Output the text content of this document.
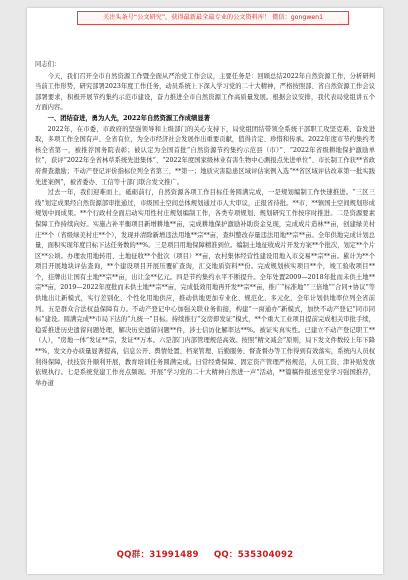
关注头条号“公文研究”，获得最新最全最专业的公文资料库！ 微信：gongwen1

同志们：

今天，我们召开全市自然资源工作暨全面从严治党工作会议，主要任务是：回顾总结2022年自然资源工作，分析研判当前工作形势，研究部署2023年度工作任务，动员系统上下深入学习党的二十大精神，严格按照部、省自然资源工作会议部署要求，积极开展节约集约示范市建设，奋力推进全市自然资源工作高质量发展。根据会议安排，我代表局党组讲五个方面内容。

一、团结奋进，勇为人先，2022年自然资源工作成绩显著

2022年，在市委、市政府的坚强领导和上级部门的关心支持下，局党组团结带领全系统干部职工攻坚克难、奋发进取，多项工作全国有声、全省有位，为全市经济社会发展作出重要贡献，值得肯定、珍惜和传承。2022年度市节约集约考核全省第一，被推荐国务院表彰；被认定为全国首批“自然资源节约集约示范县（市）”、“2022年省级耕地保护激励单位”，获评“2022年全省林草系统先进集体”、“2022年度国家级林业有害生物中心测报点先进单位”、市长制工作获**省政府督查激励；不动产登记评价指标位列全省第三、**第一；地质灾害隐患区域评估案例入选“**省区域评估改革第一批实践先进案例”，被省委办、工信等十部门联合发文推广。

过去一年，我们迎难而上，砥砺前行，自然资源各项工作目标任务圆满完成，一是规划编制工作快速推进。“三区三线”划定成果经自然资源部审批通过，市级国土空间总体规划通过市人大审议，正报省待批。**市、**镇国土空间规划形成规划中间成果。**个行政村全面启动实用性村庄规划编制工作，各类专项规划、规划研究工作按序时推进。二是资源要素保障工作持续向好。实施占补平衡项目新增耕地**亩，完成耕地保护激励补助资金兑现，完成成片造林**亩，创建绿美村庄**个（省级绿美村庄**个），发现并清除新增违法用地**宗**亩，查纠整改存量违法用地**宗**亩。全年供地完成计划总量，面积实现年度目标下达任务数的**%。三是项目用地保障精准到位。编制土地征收成片开发方案**个批次，划定**个片区**公顷。办理农用地转用、土地征收**个批次（项目）**亩，农村集体经营性建设用地入市交易**宗**亩。累计为**个项目开展地块评估查询，**个建设项目开展压覆矿查询，汇交地质资料**份。完成规划核实项目**个，竣工验收项目**个，挂牌出让国有土地**宗**亩，出让金**亿元。四是节约集约水平不断提升。全年处置2009—2018年批而未供土地**宗**亩，2019—2022年度批而未供土地**宗**亩，完成低效用地再开发**宗**亩，推广“标准地”“三倍地”“合同+协议”等供地出让新模式，实行差别化、个性化用地供应，推动供地更加专业化、规范化、多元化，全年计划供地率位列全省前列。五是群众合法权益保障有力。不动产登记中心加强关联业务衔接，构建“一窗通办”新模式，加快不动产登记“同市同标”建设。圆满完成**市局下达的“九统一”目标。持续推行“交房即发证”模式，**个重大工业项目提前完成相关审批手续，稳妥推进历史遗留问题处理，解决历史遗留问题**件，涉士信访化解率达**%。被证实真实性。已建立不动产登记职工**（人），“房地一体”发证**宗，发证**万本。六是部门内部管理规范高效。按照“精文减会”原则，局下发文件数较上年下降**%，发文办办质量显著提高，信息公开、舆情处置、档案管理、后勤服务、督查督办等工作得到有效落实，系统内人员权利得保障，扶技资升顺利开展，教育培训任务圆满完成。日常经费保障、固定资产管理严格规范，人员工资、津补贴发放依规执行。七是系统党建工作亮点频现。开展“学习党的二十大精神自然进一声”活动，**篇稿件报送至党学习强国推荐，举办道

QQ群：31991489 QQ：535304092
